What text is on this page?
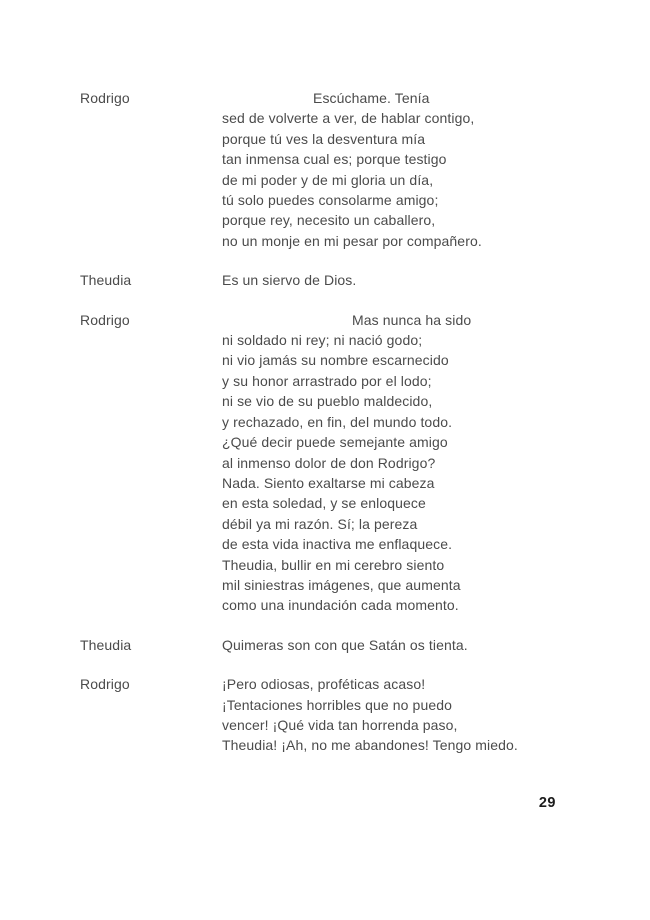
Rodrigo	Escúchame. Tenía
sed de volverte a ver, de hablar contigo,
porque tú ves la desventura mía
tan inmensa cual es; porque testigo
de mi poder y de mi gloria un día,
tú solo puedes consolarme amigo;
porque rey, necesito un caballero,
no un monje en mi pesar por compañero.
Theudia	Es un siervo de Dios.
Rodrigo	Mas nunca ha sido
ni soldado ni rey; ni nació godo;
ni vio jamás su nombre escarnecido
y su honor arrastrado por el lodo;
ni se vio de su pueblo maldecido,
y rechazado, en fin, del mundo todo.
¿Qué decir puede semejante amigo
al inmenso dolor de don Rodrigo?
Nada. Siento exaltarse mi cabeza
en esta soledad, y se enloquece
débil ya mi razón. Sí; la pereza
de esta vida inactiva me enflaquece.
Theudia, bullir en mi cerebro siento
mil siniestras imágenes, que aumenta
como una inundación cada momento.
Theudia	Quimeras son con que Satán os tienta.
Rodrigo	¡Pero odiosas, proféticas acaso!
¡Tentaciones horribles que no puedo
vencer! ¡Qué vida tan horrenda paso,
Theudia! ¡Ah, no me abandones! Tengo miedo.
29
